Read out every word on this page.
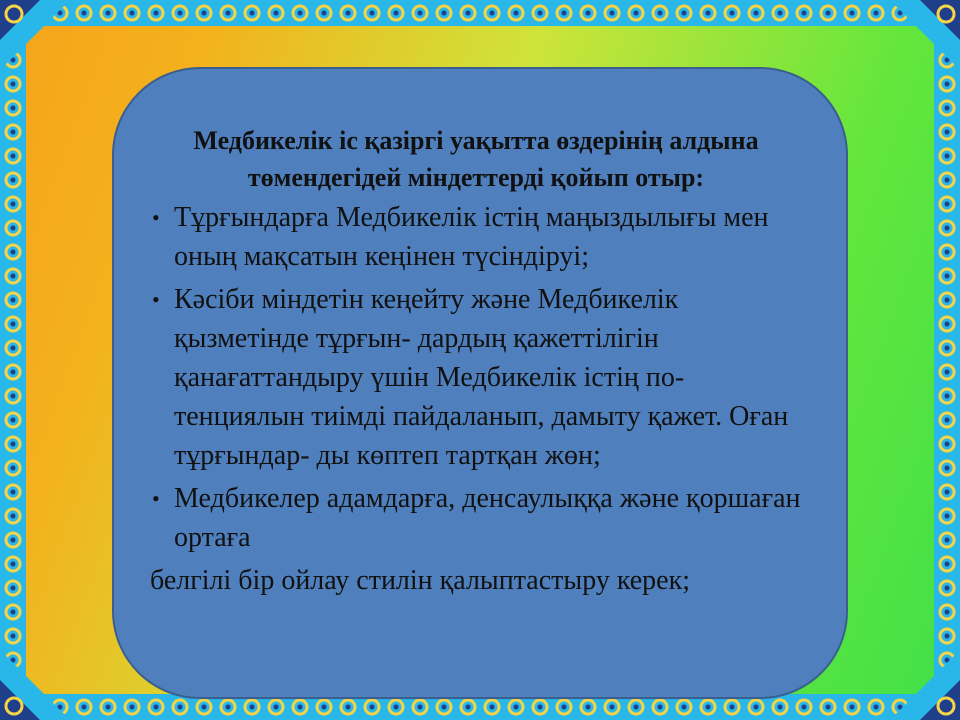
Медбикелік іс қазіргі уақытта өздерінің алдына төмендегідей міндеттерді қойып отыр:

• Тұрғындарға Медбикелік істің маңыздылығы мен оның мақсатын кеңінен түсіндіруі;
• Кәсіби міндетін кеңейту және Медбикелік қызметінде тұрғын- дардың қажеттілігін қанағаттандыру үшін Медбикелік істің по- тенциялын тиімді пайдаланып, дамыту қажет. Оған тұрғындар- ды көптеп тартқан жөн;
• Медбикелер адамдарға, денсаулыққа және қоршаған ортаға

белгілі бір ойлау стилін қалыптастыру керек;
